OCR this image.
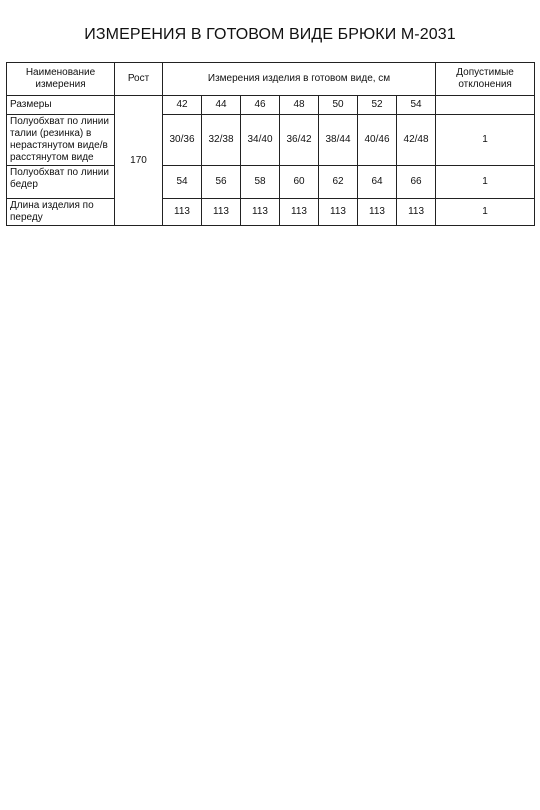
ИЗМЕРЕНИЯ В ГОТОВОМ ВИДЕ БРЮКИ М-2031
Наименование измерения	Рост	Измерения изделия в готовом виде, см							Допустимые отклонения
Размеры	170	42	44	46	48	50	52	54	
Полуобхват по линии талии (резинка) в нерастянутом виде/в расстянутом виде		30/36	32/38	34/40	36/42	38/44	40/46	42/48	1
Полуобхват по линии бедер		54	56	58	60	62	64	66	1
Длина изделия по переду		113	113	113	113	113	113	113	1
